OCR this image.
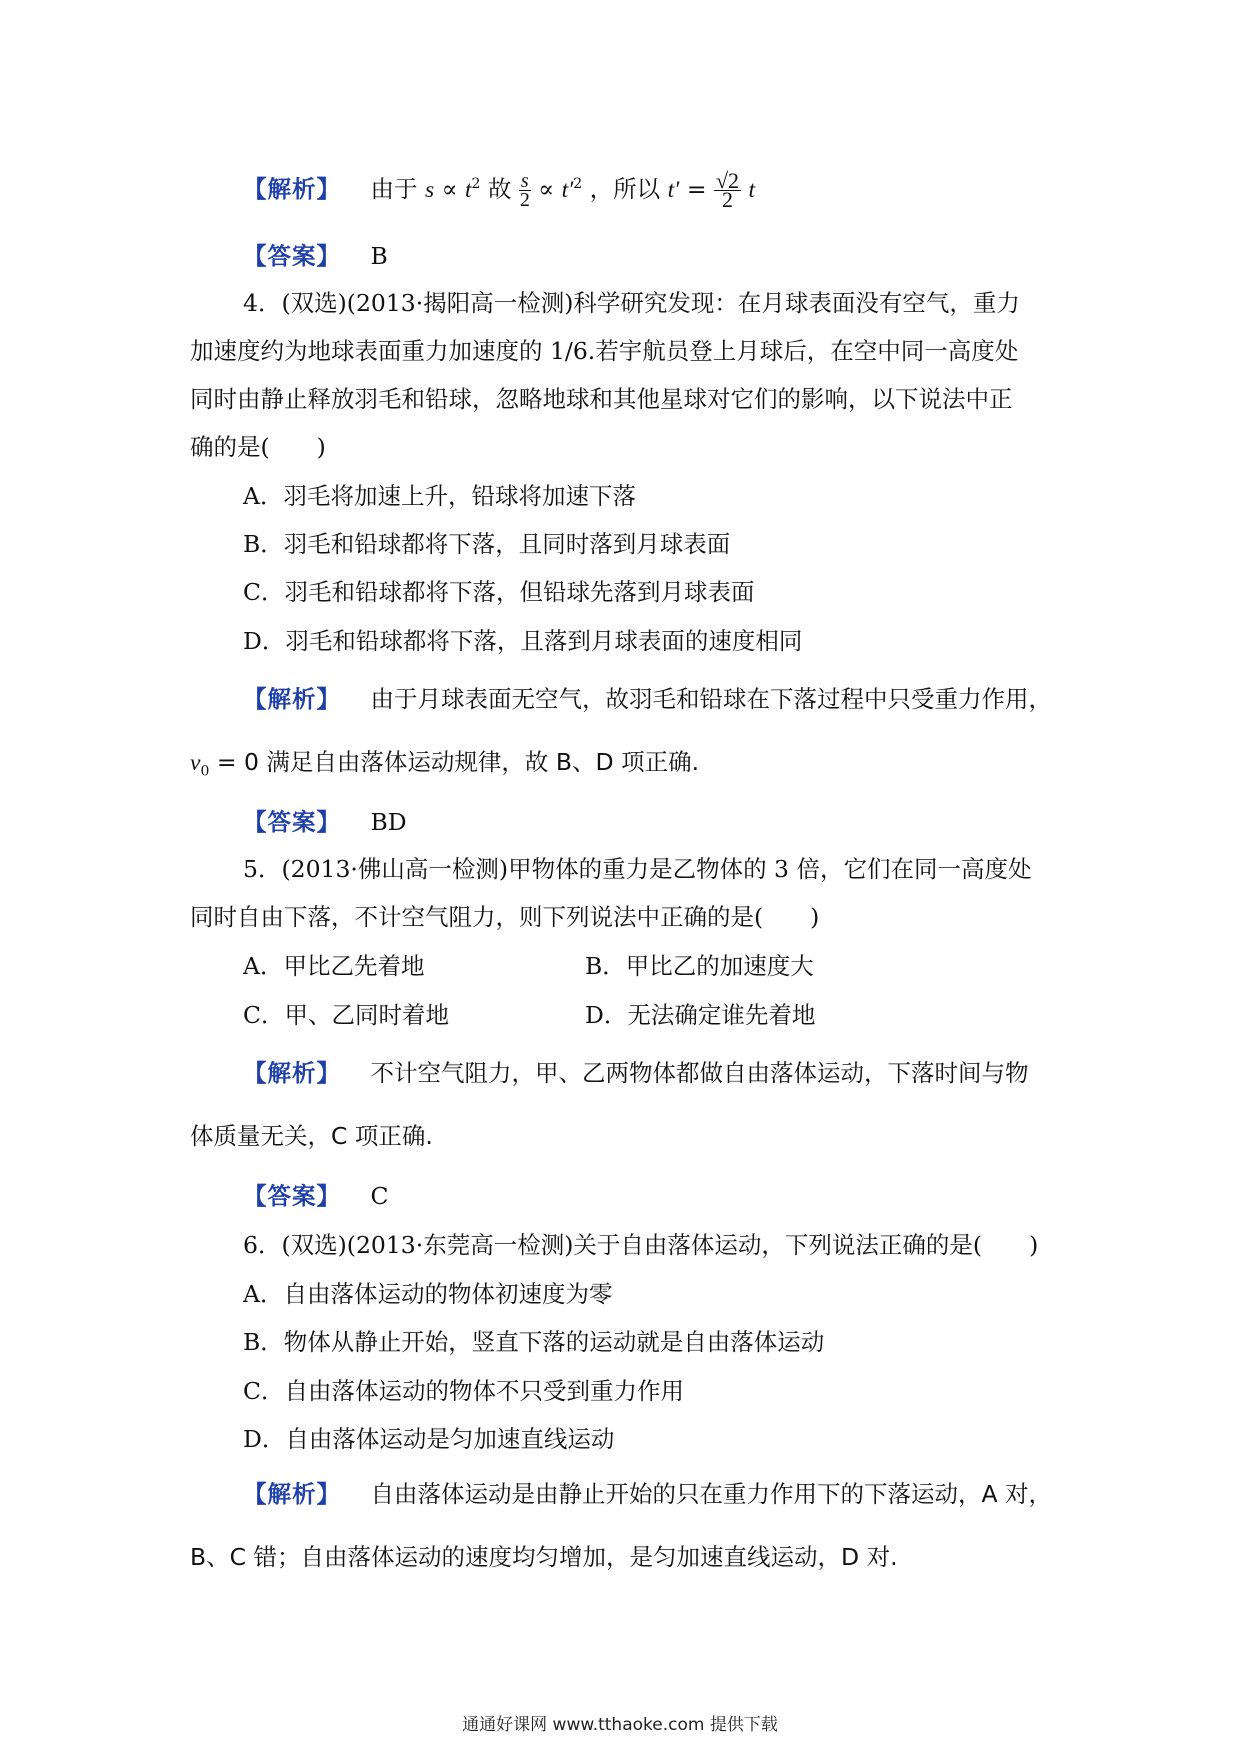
【解析】 由于 $s \propto t^2$ 故 $\frac{s}{2} \propto t'^2$ ，所以 $t' = \frac{√2}{2}$ t
【答案】 B
4．(双选)(2013·揭阳高一检测)科学研究发现：在月球表面没有空气，重力
加速度约为地球表面重力加速度的 1/6.若宇航员登上月球后，在空中同一高度处
同时由静止释放羽毛和铅球，忽略地球和其他星球对它们的影响，以下说法中正
确的是(　　)
A．羽毛将加速上升，铅球将加速下落
B．羽毛和铅球都将下落，且同时落到月球表面
C．羽毛和铅球都将下落，但铅球先落到月球表面
D．羽毛和铅球都将下落，且落到月球表面的速度相同
【解析】 由于月球表面无空气，故羽毛和铅球在下落过程中只受重力作用，
$v_0 = 0$ 满足自由落体运动规律，故 B、D 项正确.
【答案】 BD
5．(2013·佛山高一检测)甲物体的重力是乙物体的 3 倍，它们在同一高度处
同时自由下落，不计空气阻力，则下列说法中正确的是(　　)
A．甲比乙先着地	B．甲比乙的加速度大
C．甲、乙同时着地	D．无法确定谁先着地
【解析】 不计空气阻力，甲、乙两物体都做自由落体运动，下落时间与物
体质量无关，C 项正确.
【答案】 C
6．(双选)(2013·东莞高一检测)关于自由落体运动，下列说法正确的是(　　)
A．自由落体运动的物体初速度为零
B．物体从静止开始，竖直下落的运动就是自由落体运动
C．自由落体运动的物体不只受到重力作用
D．自由落体运动是匀加速直线运动
【解析】 自由落体运动是由静止开始的只在重力作用下的下落运动，A 对，
B、C 错；自由落体运动的速度均匀增加，是匀加速直线运动，D 对.
通通好课网 www.tthaoke.com 提供下载
